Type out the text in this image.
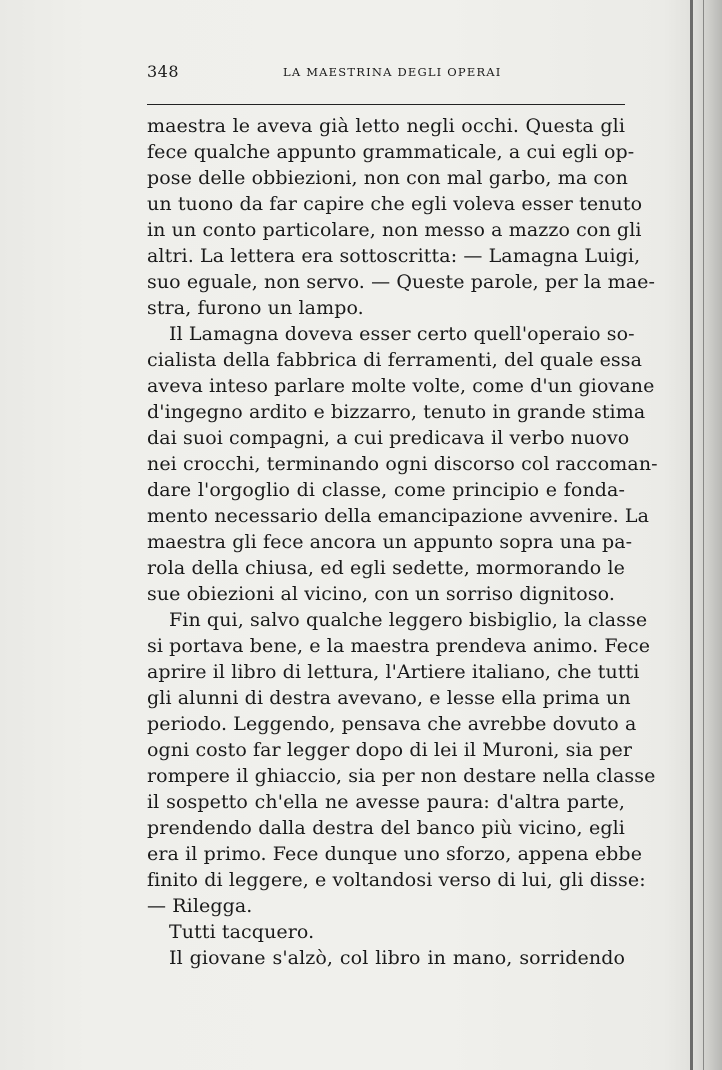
348	LA MAESTRINA DEGLI OPERAI
maestra le aveva già letto negli occhi. Questa gli
fece qualche appunto grammaticale, a cui egli op-
pose delle obbiezioni, non con mal garbo, ma con
un tuono da far capire che egli voleva esser tenuto
in un conto particolare, non messo a mazzo con gli
altri. La lettera era sottoscritta: — Lamagna Luigi,
suo eguale, non servo. — Queste parole, per la mae-
stra, furono un lampo.
Il Lamagna doveva esser certo quell'operaio so-
cialista della fabbrica di ferramenti, del quale essa
aveva inteso parlare molte volte, come d'un giovane
d'ingegno ardito e bizzarro, tenuto in grande stima
dai suoi compagni, a cui predicava il verbo nuovo
nei crocchi, terminando ogni discorso col raccoman-
dare l'orgoglio di classe, come principio e fonda-
mento necessario della emancipazione avvenire. La
maestra gli fece ancora un appunto sopra una pa-
rola della chiusa, ed egli sedette, mormorando le
sue obiezioni al vicino, con un sorriso dignitoso.
Fin qui, salvo qualche leggero bisbiglio, la classe
si portava bene, e la maestra prendeva animo. Fece
aprire il libro di lettura, l'Artiere italiano, che tutti
gli alunni di destra avevano, e lesse ella prima un
periodo. Leggendo, pensava che avrebbe dovuto a
ogni costo far legger dopo di lei il Muroni, sia per
rompere il ghiaccio, sia per non destare nella classe
il sospetto ch'ella ne avesse paura: d'altra parte,
prendendo dalla destra del banco più vicino, egli
era il primo. Fece dunque uno sforzo, appena ebbe
finito di leggere, e voltandosi verso di lui, gli disse:
— Rilegga.
Tutti tacquero.
Il giovane s'alzò, col libro in mano, sorridendo
